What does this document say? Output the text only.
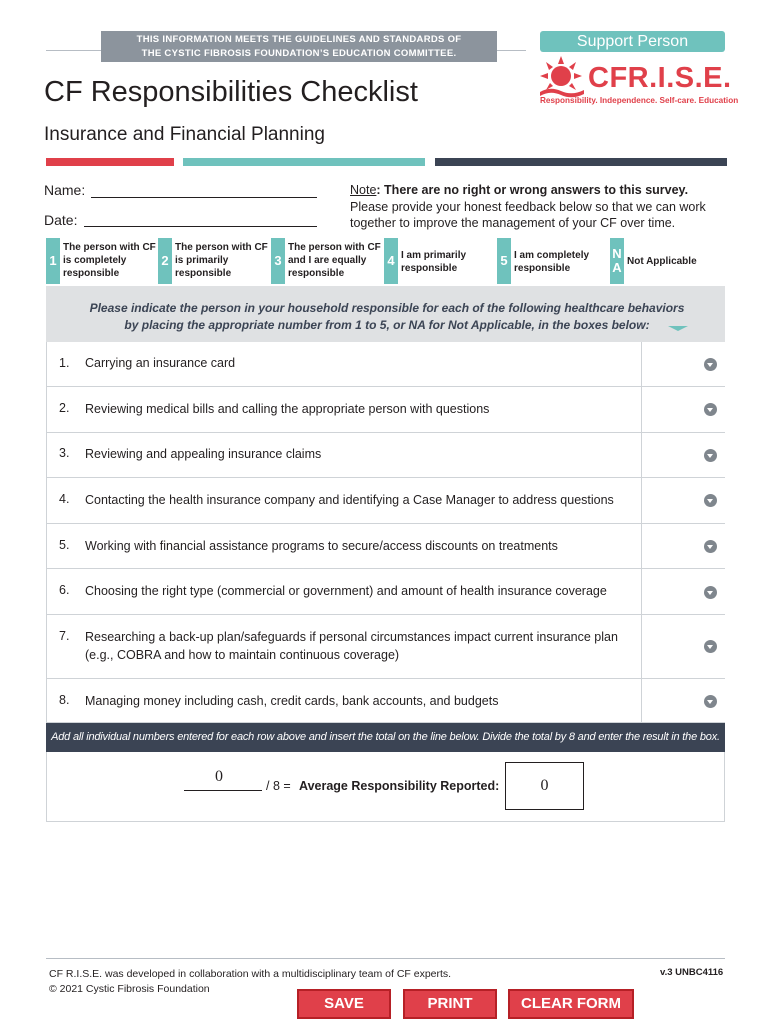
THIS INFORMATION MEETS THE GUIDELINES AND STANDARDS OF
THE CYSTIC FIBROSIS FOUNDATION’S EDUCATION COMMITTEE.
Support Person
CFR.I.S.E.
Responsibility. Independence. Self-care. Education
CF Responsibilities Checklist
Insurance and Financial Planning
Name:
Date:
Note: There are no right or wrong answers to this survey.
Please provide your honest feedback below so that we can work together to improve the management of your CF over time.
1
The person with CF is completely responsible
2
The person with CF is primarily responsible
3
The person with CF and I are equally responsible
4 I am primarily responsible
5 I am completely responsible
N
A Not Applicable
Please indicate the person in your household responsible for each of the following healthcare behaviors
by placing the appropriate number from 1 to 5, or NA for Not Applicable, in the boxes below:
1. Carrying an insurance card
2. Reviewing medical bills and calling the appropriate person with questions
3. Reviewing and appealing insurance claims
4. Contacting the health insurance company and identifying a Case Manager to address questions
5. Working with financial assistance programs to secure/access discounts on treatments
6. Choosing the right type (commercial or government) and amount of health insurance coverage
7. Researching a back-up plan/safeguards if personal circumstances impact current insurance plan (e.g., COBRA and how to maintain continuous coverage)
8. Managing money including cash, credit cards, bank accounts, and budgets
Add all individual numbers entered for each row above and insert the total on the line below. Divide the total by 8 and enter the result in the box.
0
/ 8 = Average Responsibility Reported:	0
CF R.I.S.E. was developed in collaboration with a multidisciplinary team of CF experts.
© 2021 Cystic Fibrosis Foundation
v.3 UNBC4116
SAVE	PRINT	CLEAR FORM
